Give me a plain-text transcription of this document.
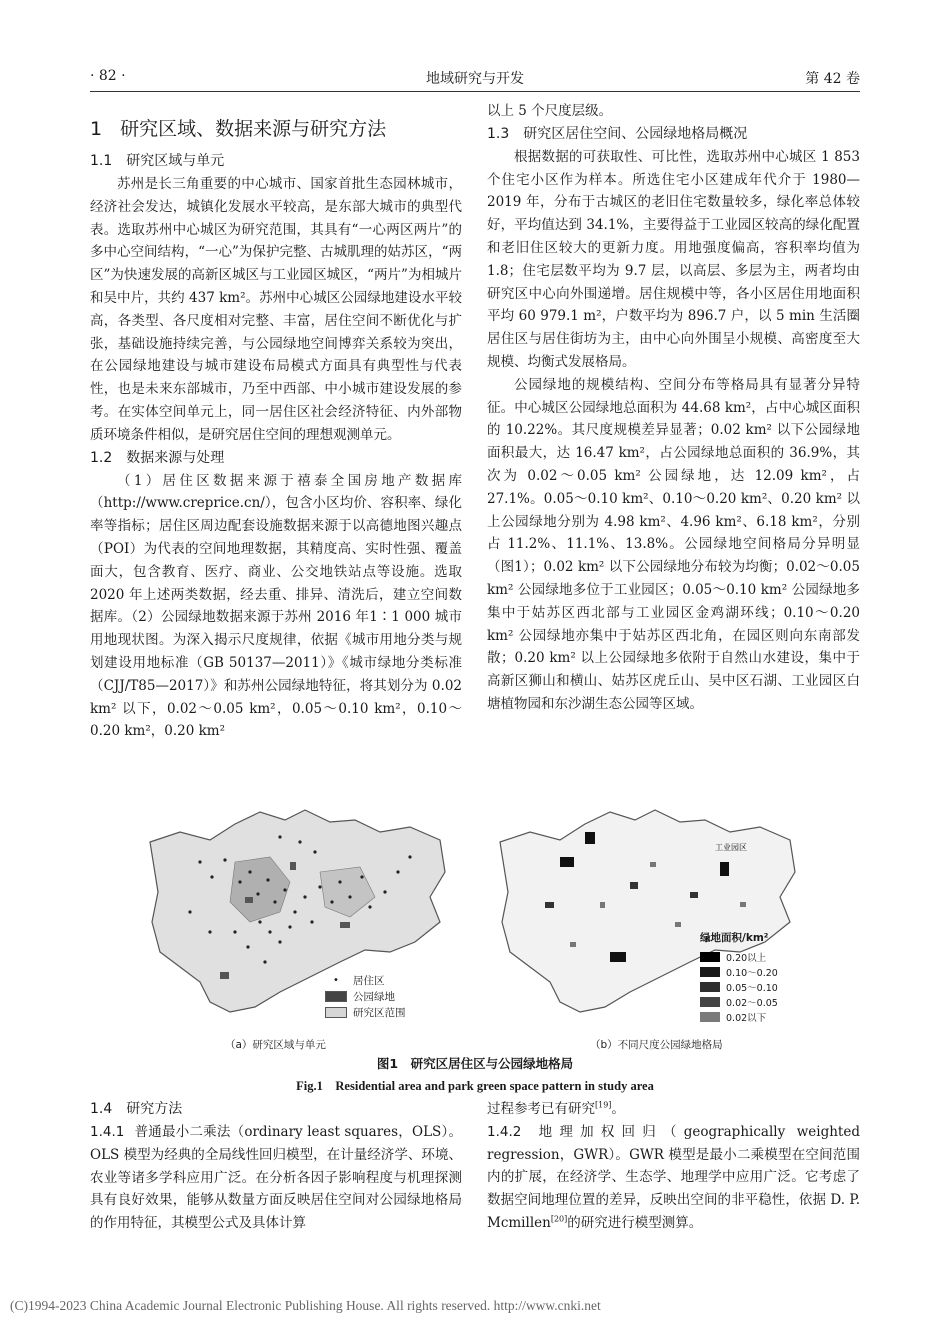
· 82 ·	地域研究与开发	第 42 卷
1 研究区域、数据来源与研究方法
1.1 研究区域与单元

苏州是长三角重要的中心城市、国家首批生态园林城市，经济社会发达，城镇化发展水平较高，是东部大城市的典型代表。选取苏州中心城区为研究范围，其具有“一心两区两片”的多中心空间结构，“一心”为保护完整、古城肌理的姑苏区，“两区”为快速发展的高新区城区与工业园区城区，“两片”为相城片和吴中片，共约 437 km²。苏州中心城区公园绿地建设水平较高，各类型、各尺度相对完整、丰富，居住空间不断优化与扩张，基础设施持续完善，与公园绿地空间博弈关系较为突出，在公园绿地建设与城市建设布局模式方面具有典型性与代表性，也是未来东部城市，乃至中西部、中小城市建设发展的参考。在实体空间单元上，同一居住区社会经济特征、内外部物质环境条件相似，是研究居住空间的理想观测单元。

1.2 数据来源与处理

（1）居住区数据来源于禧泰全国房地产数据库（http://www.creprice.cn/），包含小区均价、容积率、绿化率等指标；居住区周边配套设施数据来源于以高德地图兴趣点（POI）为代表的空间地理数据，其精度高、实时性强、覆盖面大，包含教育、医疗、商业、公交地铁站点等设施。选取 2020 年上述两类数据，经去重、排异、清洗后，建立空间数据库。（2）公园绿地数据来源于苏州 2016 年1∶1 000 城市用地现状图。为深入揭示尺度规律，依据《城市用地分类与规划建设用地标准（GB 50137—2011）》《城市绿地分类标准（CJJ/T85—2017）》和苏州公园绿地特征，将其划分为 0.02 km² 以下，0.02～0.05 km²，0.05～0.10 km²，0.10～0.20 km²，0.20 km²

以上 5 个尺度层级。

1.3 研究区居住空间、公园绿地格局概况

根据数据的可获取性、可比性，选取苏州中心城区 1 853个住宅小区作为样本。所选住宅小区建成年代介于 1980—2019 年，分布于古城区的老旧住宅数量较多，绿化率总体较好，平均值达到 34.1%，主要得益于工业园区较高的绿化配置和老旧住区较大的更新力度。用地强度偏高，容积率均值为 1.8；住宅层数平均为 9.7 层，以高层、多层为主，两者均由研究区中心向外围递增。居住规模中等，各小区居住用地面积平均 60 979.1 m²，户数平均为 896.7 户，以 5 min 生活圈居住区与居住街坊为主，由中心向外围呈小规模、高密度至大规模、均衡式发展格局。

公园绿地的规模结构、空间分布等格局具有显著分异特征。中心城区公园绿地总面积为 44.68 km²，占中心城区面积的 10.22%。其尺度规模差异显著；0.02 km² 以下公园绿地面积最大，达 16.47 km²，占公园绿地总面积的 36.9%，其次为 0.02～0.05 km² 公园绿地，达 12.09 km²，占 27.1%。0.05～0.10 km²、0.10～0.20 km²、0.20 km² 以上公园绿地分别为 4.98 km²、4.96 km²、6.18 km²，分别占 11.2%、11.1%、13.8%。公园绿地空间格局分异明显（图1）；0.02 km² 以下公园绿地分布较为均衡；0.02～0.05 km² 公园绿地多位于工业园区；0.05～0.10 km² 公园绿地多集中于姑苏区西北部与工业园区金鸡湖环线；0.10～0.20 km² 公园绿地亦集中于姑苏区西北角，在园区则向东南部发散；0.20 km² 以上公园绿地多依附于自然山水建设，集中于高新区狮山和横山、姑苏区虎丘山、吴中区石湖、工业园区白塘植物园和东沙湖生态公园等区域。

•	居住区
公园绿地
研究区范围
（a）研究区域与单元
工业园区
绿地面积/km²
0.20以上
0.10～0.20
0.05～0.10
0.02～0.05
0.02以下
（b）不同尺度公园绿地格局
图1　研究区居住区与公园绿地格局
Fig.1　Residential area and park green space pattern in study area
1.4 研究方法

1.4.1 普通最小二乘法（ordinary least squares，OLS）。OLS 模型为经典的全局线性回归模型，在计量经济学、环境、农业等诸多学科应用广泛。在分析各因子影响程度与机理探测具有良好效果，能够从数量方面反映居住空间对公园绿地格局的作用特征，其模型公式及具体计算

过程参考已有研究[19]。

1.4.2 地理加权回归（geographically weighted regression，GWR）。GWR 模型是最小二乘模型在空间范围内的扩展，在经济学、生态学、地理学中应用广泛。它考虑了数据空间地理位置的差异，反映出空间的非平稳性，依据 D. P. Mcmillen[20]的研究进行模型测算。

(C)1994-2023 China Academic Journal Electronic Publishing House. All rights reserved. http://www.cnki.net
